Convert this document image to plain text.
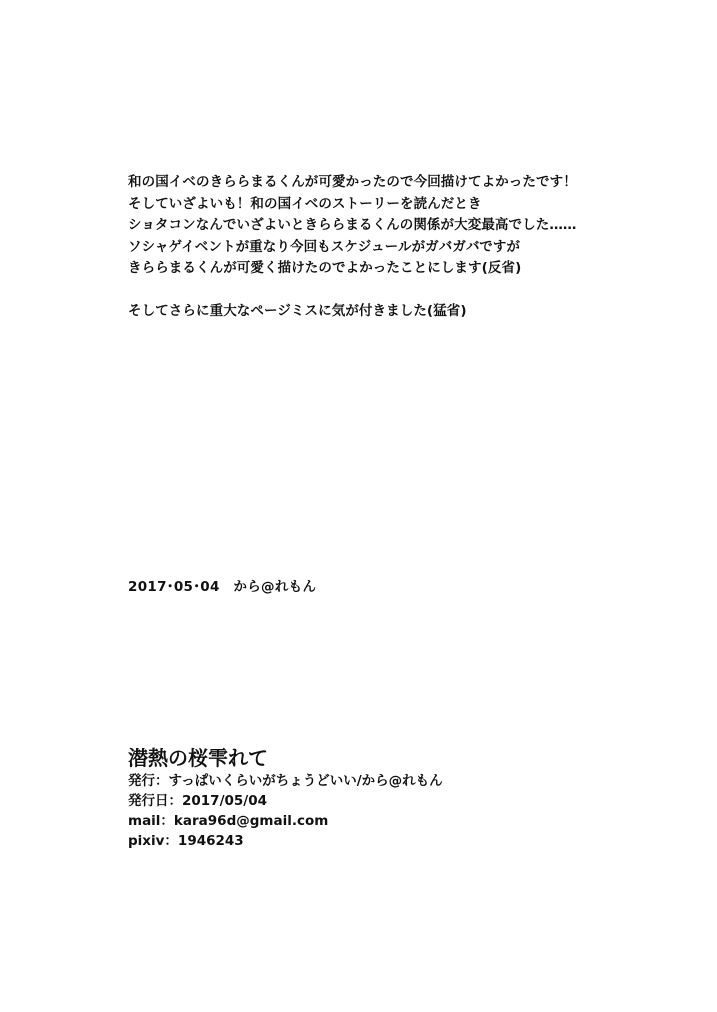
和の国イベのきららまるくんが可愛かったので今回描けてよかったです！
そしていざよいも！和の国イベのストーリーを読んだとき
ショタコンなんでいざよいときららまるくんの関係が大変最高でした……
ソシャゲイベントが重なり今回もスケジュールがガバガバですが
きららまるくんが可愛く描けたのでよかったことにします(反省)
そしてさらに重大なページミスに気が付きました(猛省)
2017･05･04　から@れもん
潜熱の桜雫れて
発行：すっぱいくらいがちょうどいい/から@れもん
発行日：2017/05/04
mail：kara96d@gmail.com
pixiv：1946243
